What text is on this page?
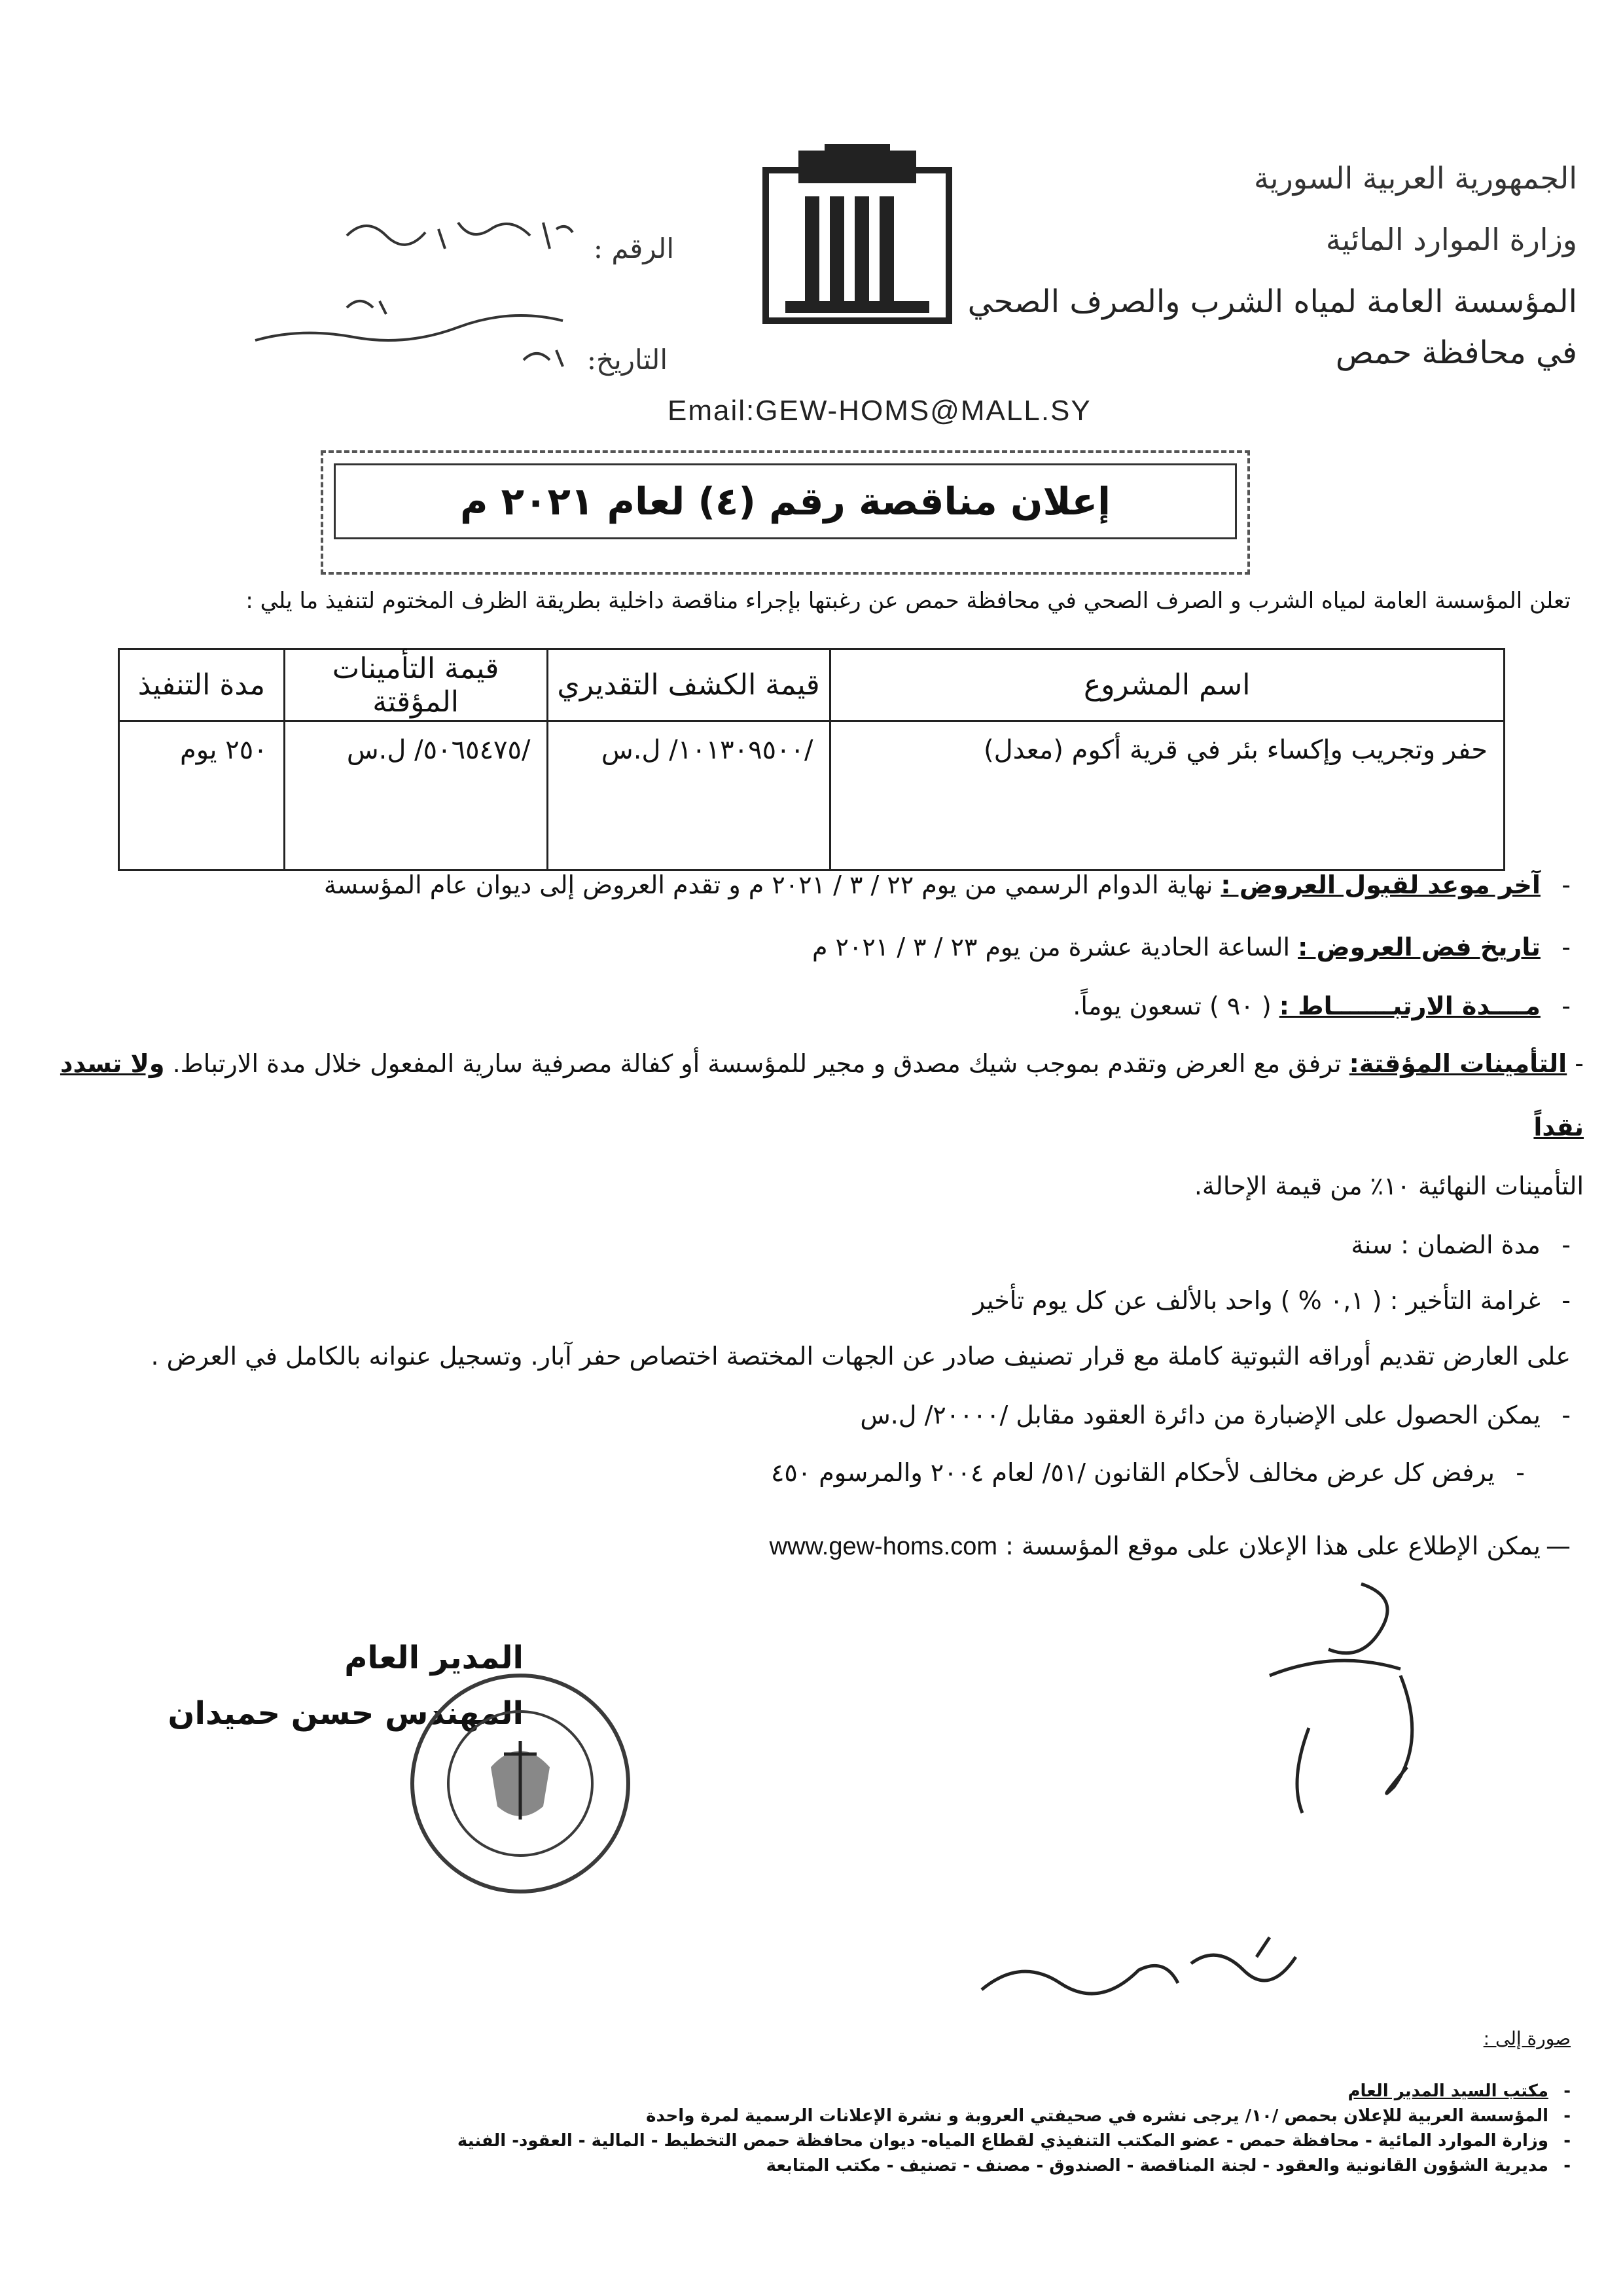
الجمهورية العربية السورية
وزارة الموارد المائية
المؤسسة العامة لمياه الشرب والصرف الصحي
في محافظة حمص
الرقم :
التاريخ:
Email:GEW-HOMS@MALL.SY
إعلان مناقصة رقم (٤) لعام ٢٠٢١ م
تعلن المؤسسة العامة لمياه الشرب و الصرف الصحي في محافظة حمص عن رغبتها بإجراء مناقصة داخلية بطريقة الظرف المختوم لتنفيذ ما يلي :
اسم المشروع	قيمة الكشف التقديري	قيمة التأمينات المؤقتة	مدة التنفيذ
حفر وتجريب وإكساء بئر في قرية أكوم (معدل)	/١٠١٣٠٩٥٠٠/ ل.س	/٥٠٦٥٤٧٥/ ل.س	٢٥٠ يوم
- آخر موعد لقبول العروض : نهاية الدوام الرسمي من يوم ٢٢ / ٣ / ٢٠٢١ م و تقدم العروض إلى ديوان عام المؤسسة
- تاريخ فض العروض : الساعة الحادية عشرة من يوم ٢٣ / ٣ / ٢٠٢١ م
- مــــدة الارتبـــــــاط : ( ٩٠ ) تسعون يوماً.
- التأمينات المؤقتة: ترفق مع العرض وتقدم بموجب شيك مصدق و مجير للمؤسسة أو كفالة مصرفية سارية المفعول خلال مدة الارتباط. ولا تسدد
نقداً
التأمينات النهائية ١٠٪ من قيمة الإحالة.
- مدة الضمان : سنة
- غرامة التأخير : ( ٠,١ % ) واحد بالألف عن كل يوم تأخير
على العارض تقديم أوراقه الثبوتية كاملة مع قرار تصنيف صادر عن الجهات المختصة اختصاص حفر آبار. وتسجيل عنوانه بالكامل في العرض .
- يمكن الحصول على الإضبارة من دائرة العقود مقابل /٢٠٠٠٠/ ل.س
- يرفض كل عرض مخالف لأحكام القانون /٥١/ لعام ٢٠٠٤ والمرسوم ٤٥٠
— يمكن الإطلاع على هذا الإعلان على موقع المؤسسة : www.gew-homs.com
المدير العام
المهندس حسن حميدان
صورة إلى :
-مكتب السيد المدير العام
-المؤسسة العربية للإعلان بحمص /١٠/ يرجى نشره في صحيفتي العروبة و نشرة الإعلانات الرسمية لمرة واحدة
-وزارة الموارد المائية - محافظة حمص - عضو المكتب التنفيذي لقطاع المياه- ديوان محافظة حمص التخطيط - المالية - العقود- الفنية
-مديرية الشؤون القانونية والعقود - لجنة المناقصة - الصندوق - مصنف - تصنيف - مكتب المتابعة
